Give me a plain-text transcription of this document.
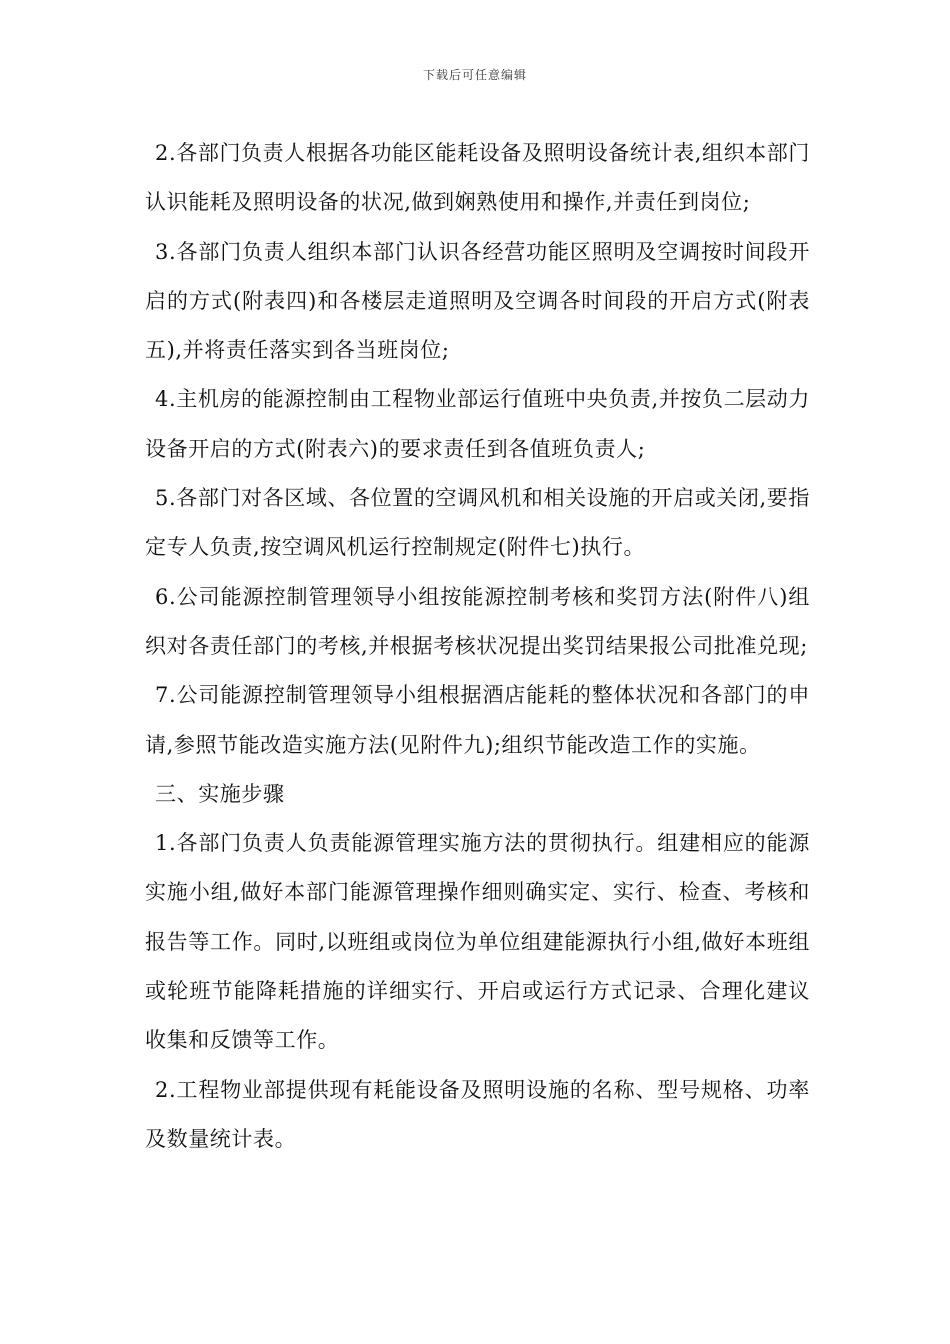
下载后可任意编辑

2.各部门负责人根据各功能区能耗设备及照明设备统计表,组织本部门认识能耗及照明设备的状况,做到娴熟使用和操作,并责任到岗位;

3.各部门负责人组织本部门认识各经营功能区照明及空调按时间段开启的方式(附表四)和各楼层走道照明及空调各时间段的开启方式(附表五),并将责任落实到各当班岗位;

4.主机房的能源控制由工程物业部运行值班中央负责,并按负二层动力设备开启的方式(附表六)的要求责任到各值班负责人;

5.各部门对各区域、各位置的空调风机和相关设施的开启或关闭,要指定专人负责,按空调风机运行控制规定(附件七)执行。

6.公司能源控制管理领导小组按能源控制考核和奖罚方法(附件八)组织对各责任部门的考核,并根据考核状况提出奖罚结果报公司批准兑现;

7.公司能源控制管理领导小组根据酒店能耗的整体状况和各部门的申请,参照节能改造实施方法(见附件九);组织节能改造工作的实施。

三、实施步骤

1.各部门负责人负责能源管理实施方法的贯彻执行。组建相应的能源实施小组,做好本部门能源管理操作细则确实定、实行、检查、考核和报告等工作。同时,以班组或岗位为单位组建能源执行小组,做好本班组或轮班节能降耗措施的详细实行、开启或运行方式记录、合理化建议收集和反馈等工作。

2.工程物业部提供现有耗能设备及照明设施的名称、型号规格、功率及数量统计表。
